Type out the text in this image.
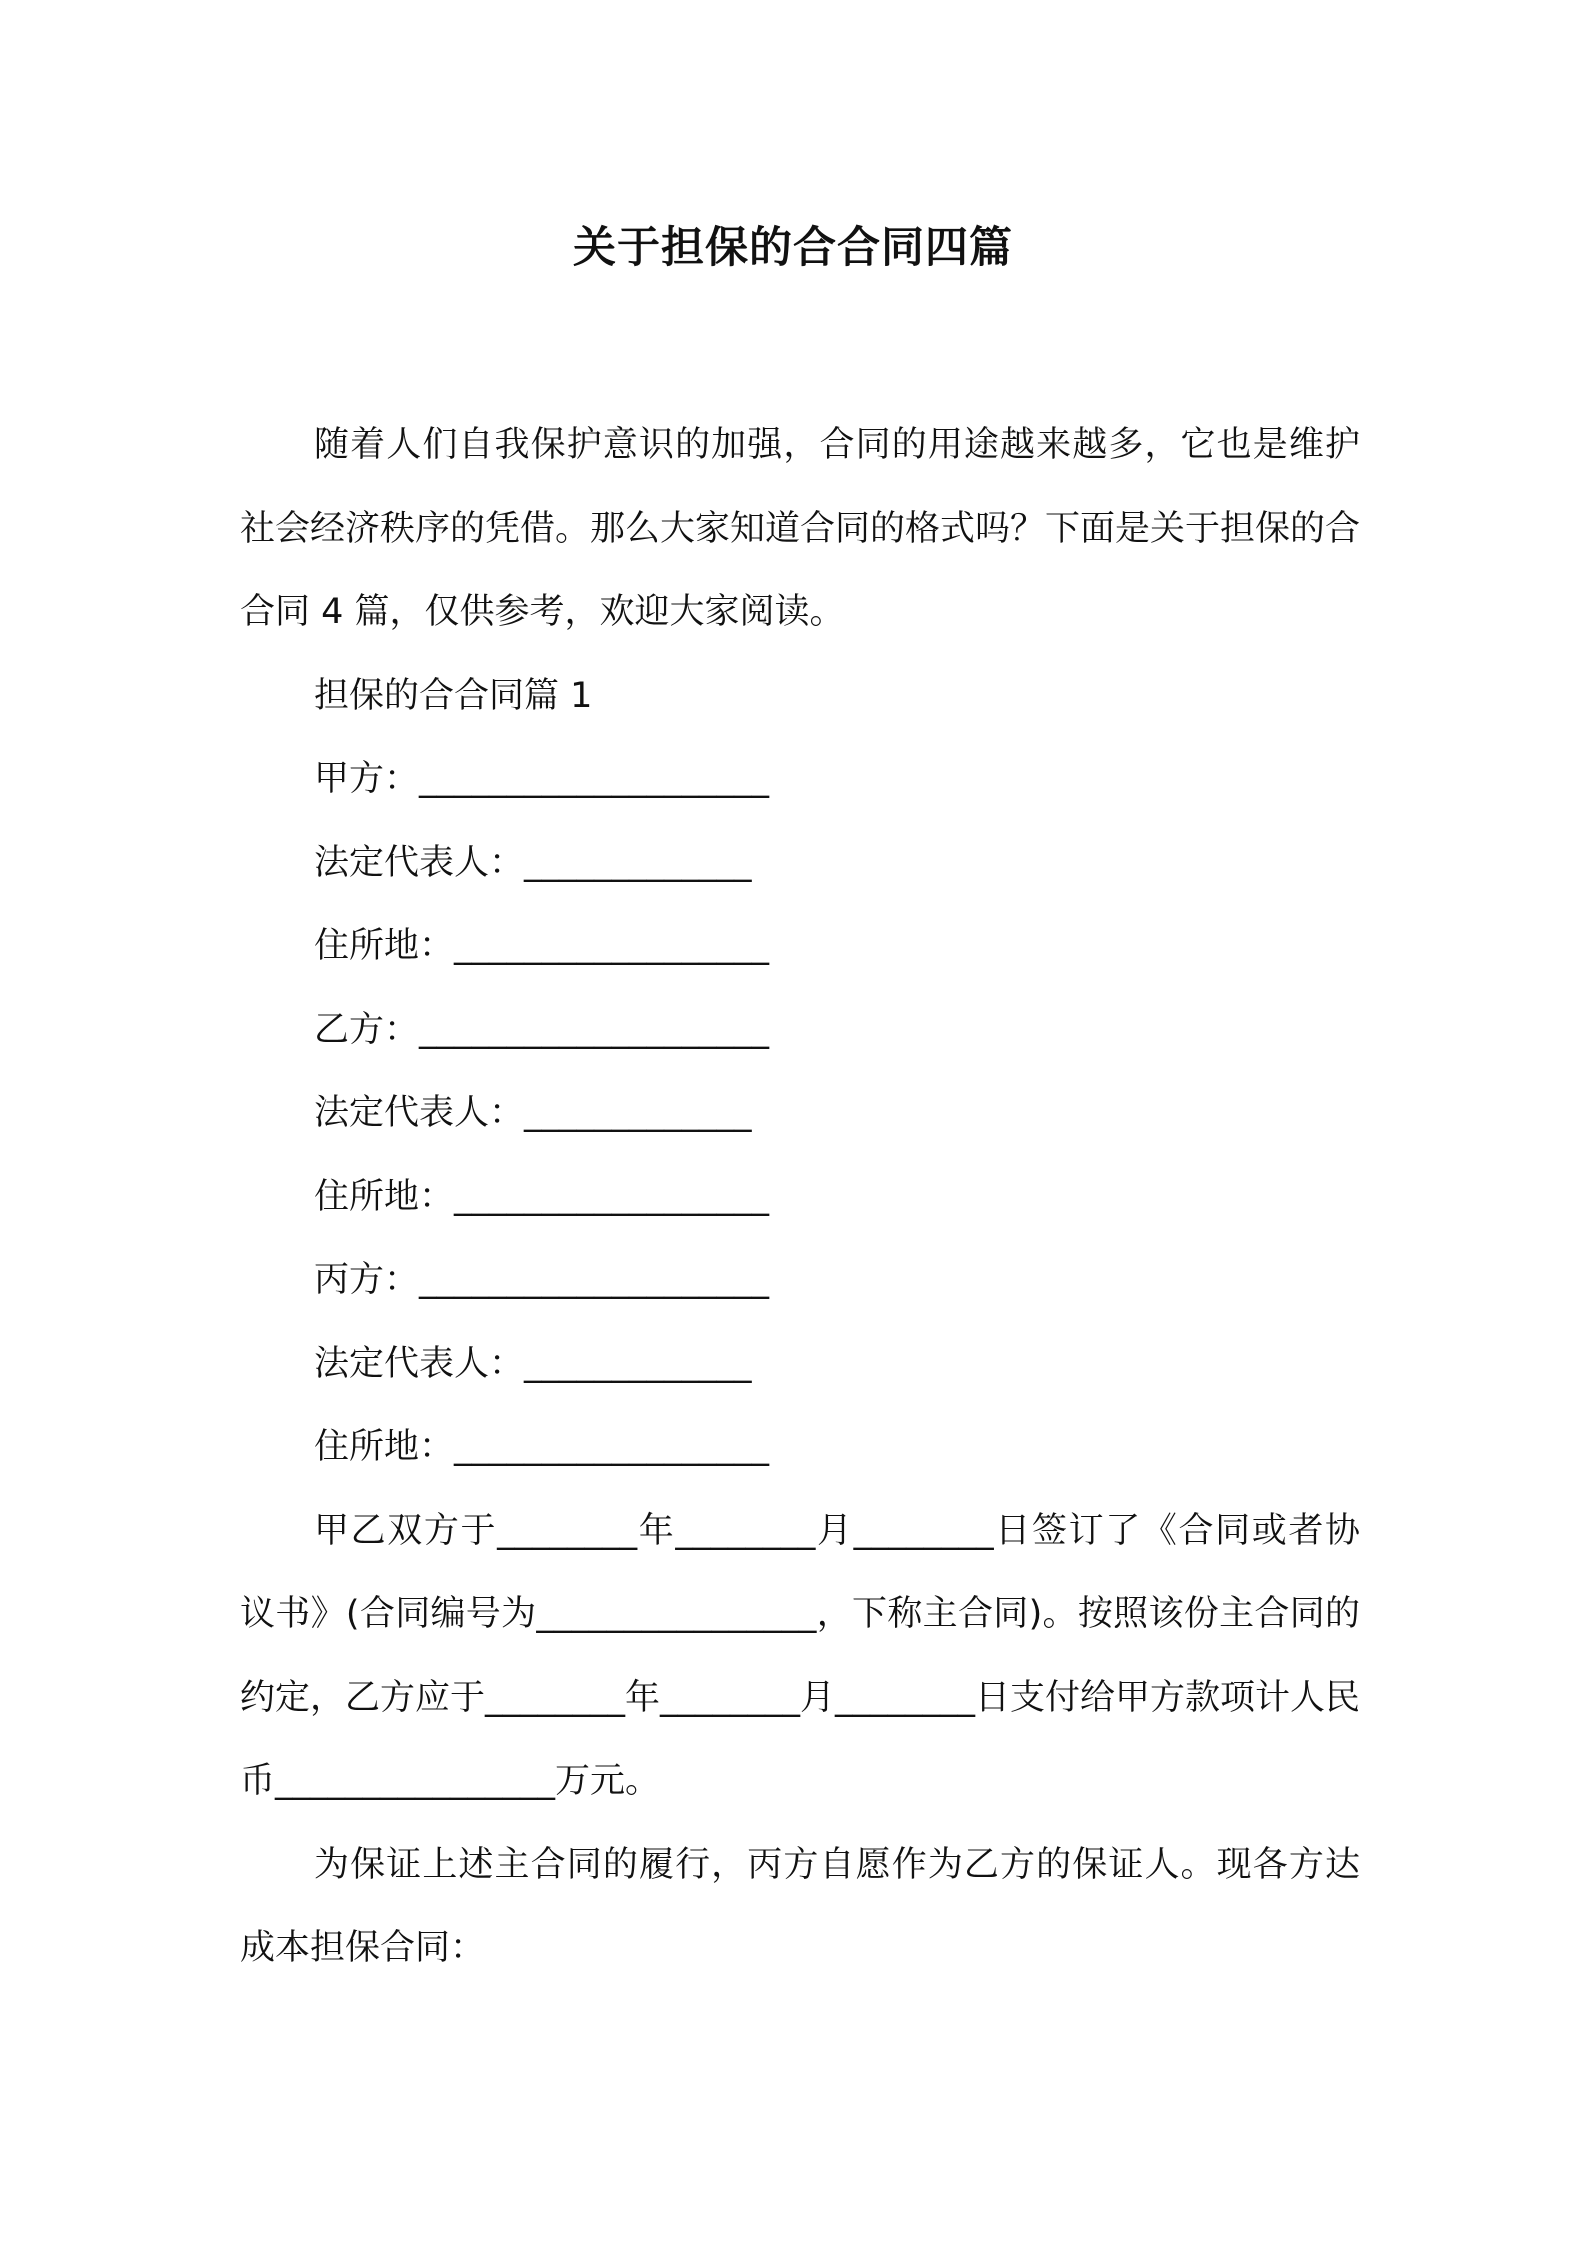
关于担保的合合同四篇

随着人们自我保护意识的加强，合同的用途越来越多，它也是维护社会经济秩序的凭借。那么大家知道合同的格式吗？下面是关于担保的合合同 4 篇，仅供参考，欢迎大家阅读。

担保的合合同篇 1

甲方：____________________

法定代表人：_____________

住所地：__________________

乙方：____________________

法定代表人：_____________

住所地：__________________

丙方：____________________

法定代表人：_____________

住所地：__________________

甲乙双方于________年________月________日签订了《合同或者协议书》(合同编号为________________，下称主合同)。按照该份主合同的约定，乙方应于________年________月________日支付给甲方款项计人民币________________万元。

为保证上述主合同的履行，丙方自愿作为乙方的保证人。现各方达成本担保合同：
